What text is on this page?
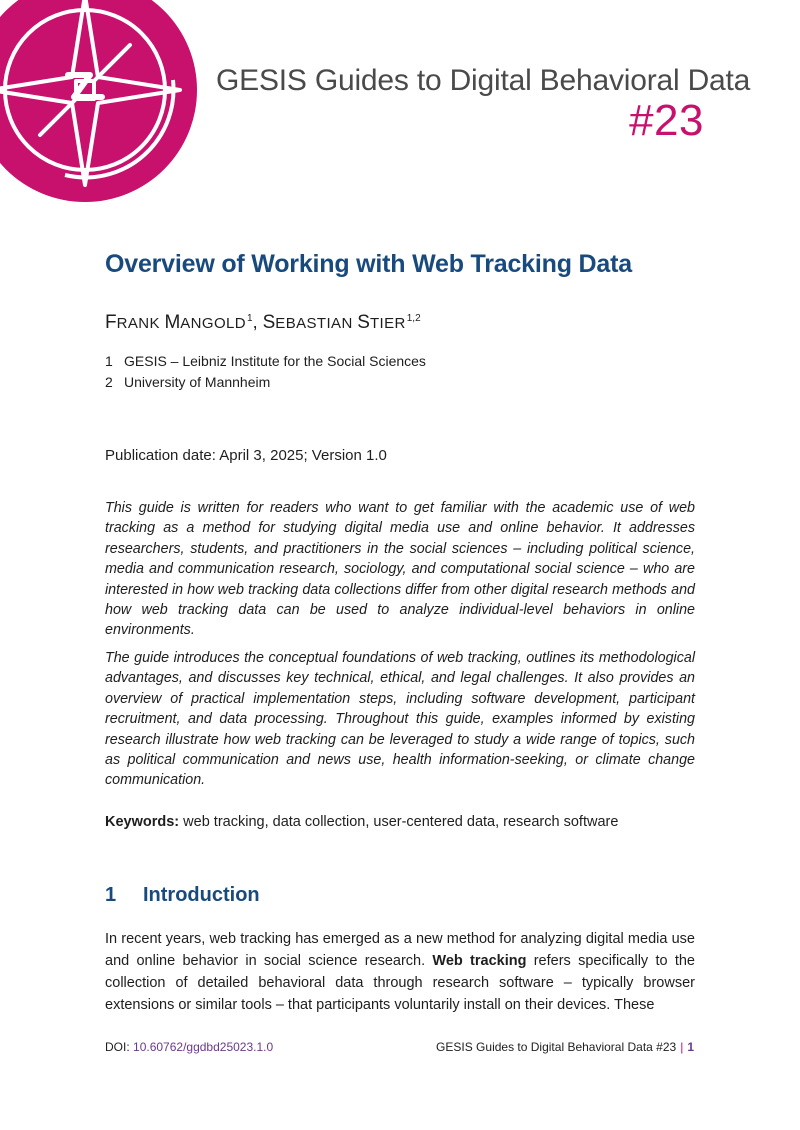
GESIS Guides to Digital Behavioral Data
#23
Overview of Working with Web Tracking Data
FRANK MANGOLD$^1$, SEBASTIAN STIER$^{1,2}$
1 GESIS – Leibniz Institute for the Social Sciences
2 University of Mannheim
Publication date: April 3, 2025; Version 1.0

This guide is written for readers who want to get familiar with the academic use of web tracking as a method for studying digital media use and online behavior. It addresses researchers, students, and practitioners in the social sciences – including political science, media and communication research, sociology, and computational social science – who are interested in how web tracking data collections differ from other digital research methods and how web tracking data can be used to analyze individual-level behaviors in online environments.

The guide introduces the conceptual foundations of web tracking, outlines its methodological advantages, and discusses key technical, ethical, and legal challenges. It also provides an overview of practical implementation steps, including software development, participant recruitment, and data processing. Throughout this guide, examples informed by existing research illustrate how web tracking can be leveraged to study a wide range of topics, such as political communication and news use, health information-seeking, or climate change communication.

Keywords: web tracking, data collection, user-centered data, research software
1 Introduction

In recent years, web tracking has emerged as a new method for analyzing digital media use and online behavior in social science research. Web tracking refers specifically to the collection of detailed behavioral data through research software – typically browser extensions or similar tools – that participants voluntarily install on their devices. These

DOI: 10.60762/ggdbd25023.1.0	GESIS Guides to Digital Behavioral Data #23 | 1
